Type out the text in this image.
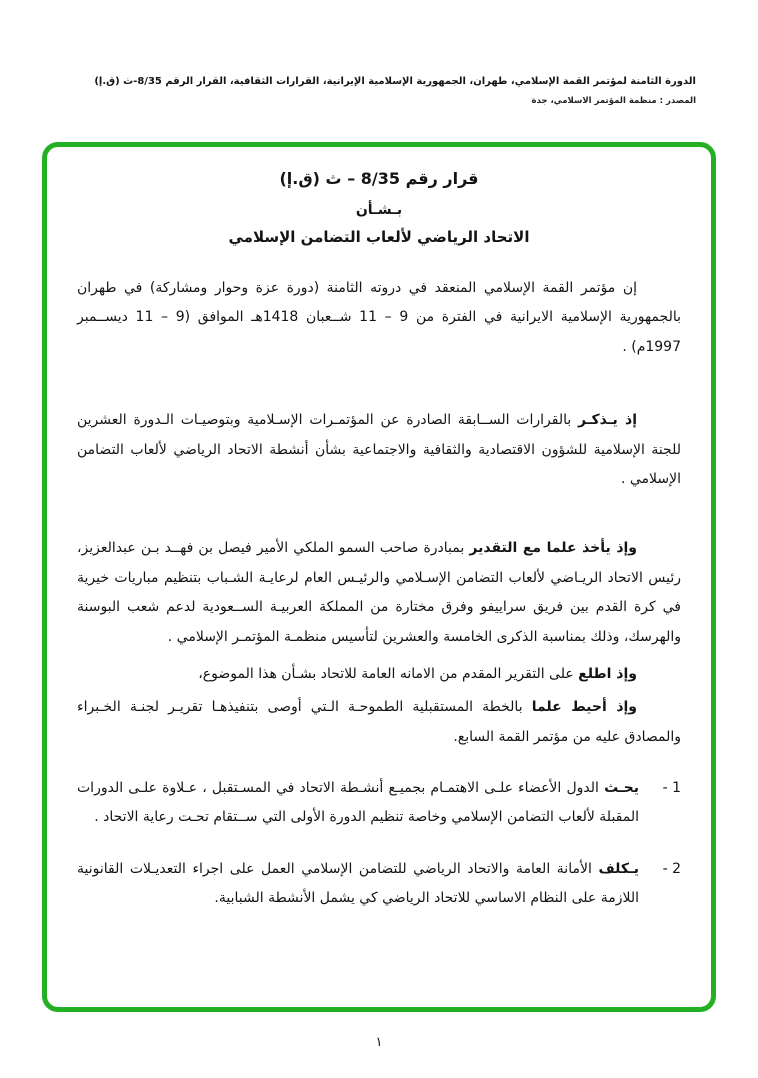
الدورة الثامنة لمؤتمر القمة الإسلامي، طهران، الجمهورية الإسلامية الإيرانية، القرارات الثقافية، القرار الرقم 8/35-ث (ق.إ)
المصدر : منظمة المؤتمر الاسلامي، جدة
قرار رقم 8/35 – ث (ق.إ)
بـشـأن
الاتحاد الرياضي لألعاب التضامن الإسلامي

إن مؤتمر القمة الإسلامي المنعقد في دروته الثامنة (دورة عزة وحوار ومشاركة) في طهران بالجمهورية الإسلامية الايرانية في الفترة من 9 – 11 شــعبان 1418هـ الموافق (9 – 11 ديســمبر 1997م) .

إذ يـذكـر بالقرارات الســابقة الصادرة عن المؤتمـرات الإسـلامية وبتوصيـات الـدورة العشرين للجنة الإسلامية للشؤون الاقتصادية والثقافية والاجتماعية بشأن أنشطة الاتحاد الرياضي لألعاب التضامن الإسلامي .

وإذ يأخذ علما مع التقدير بمبادرة صاحب السمو الملكي الأمير فيصل بن فهــد بـن عبدالعزيز، رئيس الاتحاد الريـاضي لألعاب التضامن الإسـلامي والرئيـس العام لرعايـة الشـباب بتنظيم مباريات خيرية في كرة القدم بين فريق سراييفو وفرق مختارة من المملكة العربيـة الســعودية لدعم شعب البوسنة والهرسك، وذلك بمناسبة الذكرى الخامسة والعشرين لتأسيس منظمـة المؤتمـر الإسلامي .

وإذ اطلع على التقرير المقدم من الامانه العامة للاتحاد بشـأن هذا الموضوع،

وإذ أحيط علما بالخطة المستقبلية الطموحـة الـتي أوصى بتنفيذهـا تقريـر لجنـة الخـبراء والمصادق عليه من مؤتمر القمة السابع.

1 -

يحـث الدول الأعضاء علـى الاهتمـام بجميـع أنشـطة الاتحاد في المسـتقبل ، عـلاوة علـى الدورات المقبلة لألعاب التضامن الإسلامي وخاصة تنظيم الدورة الأولى التي ســتقام تحـت رعاية الاتحاد .

2 -

يـكلف الأمانة العامة والاتحاد الرياضي للتضامن الإسلامي العمل على اجراء التعديـلات القانونية اللازمة على النظام الاساسي للاتحاد الرياضي كي يشمل الأنشطة الشبابية.

١
